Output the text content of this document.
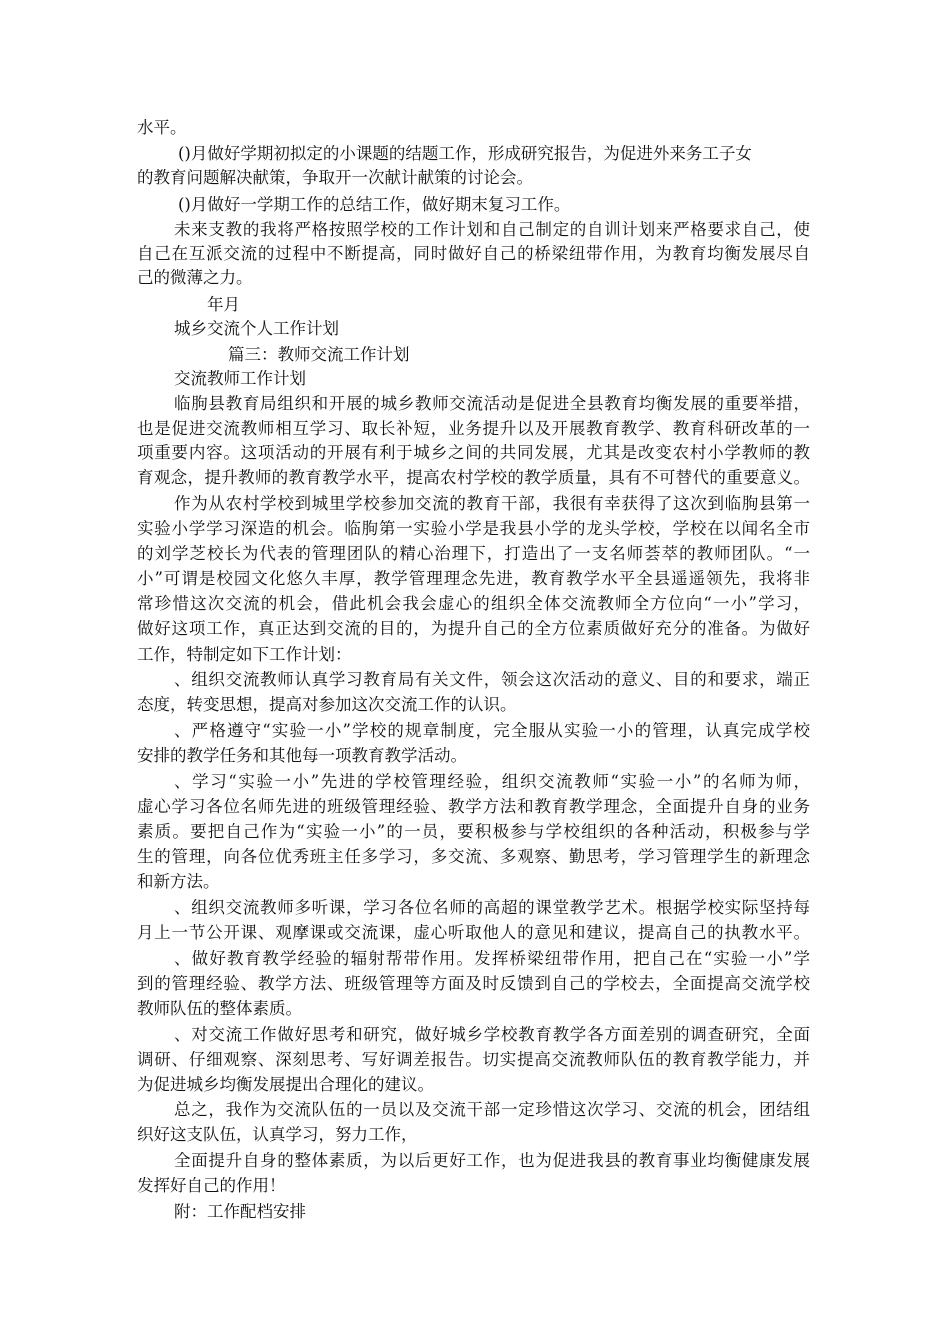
水平。
()月做好学期初拟定的小课题的结题工作，形成研究报告，为促进外来务工子女
的教育问题解决献策，争取开一次献计献策的讨论会。
()月做好一学期工作的总结工作，做好期末复习工作。
未来支教的我将严格按照学校的工作计划和自己制定的自训计划来严格要求自己，使
自己在互派交流的过程中不断提高，同时做好自己的桥梁纽带作用，为教育均衡发展尽自
己的微薄之力。
年月
城乡交流个人工作计划
篇三：教师交流工作计划
交流教师工作计划
临朐县教育局组织和开展的城乡教师交流活动是促进全县教育均衡发展的重要举措，
也是促进交流教师相互学习、取长补短，业务提升以及开展教育教学、教育科研改革的一
项重要内容。这项活动的开展有利于城乡之间的共同发展，尤其是改变农村小学教师的教
育观念，提升教师的教育教学水平，提高农村学校的教学质量，具有不可替代的重要意义。
作为从农村学校到城里学校参加交流的教育干部，我很有幸获得了这次到临朐县第一
实验小学学习深造的机会。临朐第一实验小学是我县小学的龙头学校，学校在以闻名全市
的刘学芝校长为代表的管理团队的精心治理下，打造出了一支名师荟萃的教师团队。“一
小”可谓是校园文化悠久丰厚，教学管理理念先进，教育教学水平全县遥遥领先，我将非
常珍惜这次交流的机会，借此机会我会虚心的组织全体交流教师全方位向“一小”学习，
做好这项工作，真正达到交流的目的，为提升自己的全方位素质做好充分的准备。为做好
工作，特制定如下工作计划：
、组织交流教师认真学习教育局有关文件，领会这次活动的意义、目的和要求，端正
态度，转变思想，提高对参加这次交流工作的认识。
、严格遵守“实验一小”学校的规章制度，完全服从实验一小的管理，认真完成学校
安排的教学任务和其他每一项教育教学活动。
、学习“实验一小”先进的学校管理经验，组织交流教师“实验一小”的名师为师，
虚心学习各位名师先进的班级管理经验、教学方法和教育教学理念，全面提升自身的业务
素质。要把自己作为“实验一小”的一员，要积极参与学校组织的各种活动，积极参与学
生的管理，向各位优秀班主任多学习，多交流、多观察、勤思考，学习管理学生的新理念
和新方法。
、组织交流教师多听课，学习各位名师的高超的课堂教学艺术。根据学校实际坚持每
月上一节公开课、观摩课或交流课，虚心听取他人的意见和建议，提高自己的执教水平。
、做好教育教学经验的辐射帮带作用。发挥桥梁纽带作用，把自己在“实验一小”学
到的管理经验、教学方法、班级管理等方面及时反馈到自己的学校去，全面提高交流学校
教师队伍的整体素质。
、对交流工作做好思考和研究，做好城乡学校教育教学各方面差别的调查研究，全面
调研、仔细观察、深刻思考、写好调差报告。切实提高交流教师队伍的教育教学能力，并
为促进城乡均衡发展提出合理化的建议。
总之，我作为交流队伍的一员以及交流干部一定珍惜这次学习、交流的机会，团结组
织好这支队伍，认真学习，努力工作，
全面提升自身的整体素质，为以后更好工作，也为促进我县的教育事业均衡健康发展
发挥好自己的作用！
附：工作配档安排
